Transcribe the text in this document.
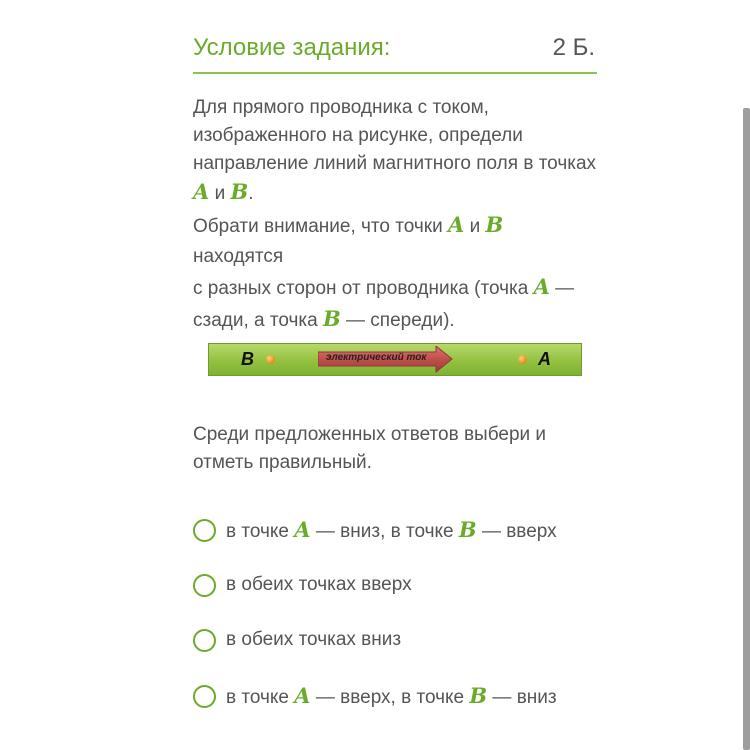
Условие задания:	2 Б.
Для прямого проводника с током,
изображенного на рисунке, определи
направление линий магнитного поля в точках
A и B.
Обрати внимание, что точки A и B находятся
с разных сторон от проводника (точка A —
сзади, а точка B — спереди).
Среди предложенных ответов выбери и
отметь правильный.
в точке A — вниз, в точке B — вверх
в обеих точках вверх
в обеих точках вниз
в точке A — вверх, в точке B — вниз
B	электрический ток	A
